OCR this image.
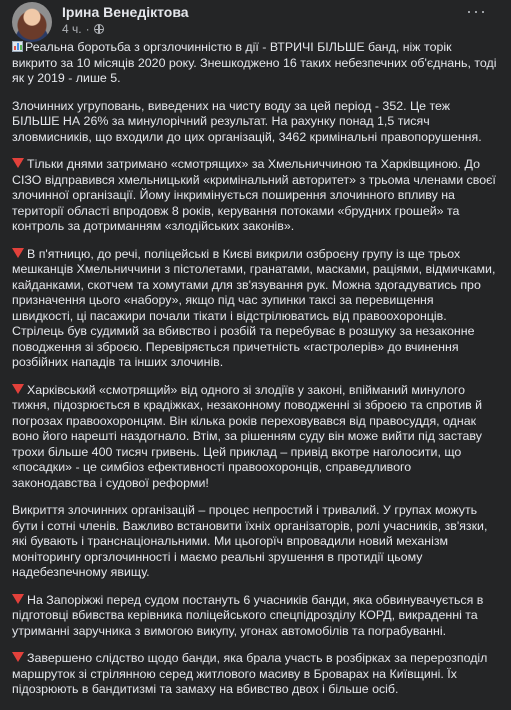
Ірина Венедіктова
4 ч. ·
···

Реальна боротьба з оргзлочинністю в дії - ВТРИЧІ БІЛЬШЕ банд, ніж торік викрито за 10 місяців 2020 року. Знешкоджено 16 таких небезпечних об'єднань, тоді як у 2019 - лише 5.

Злочинних угруповань, виведених на чисту воду за цей період - 352. Це теж БІЛЬШЕ НА 26% за минулорічний результат. На рахунку понад 1,5 тисяч зловмисників, що входили до цих організацій, 3462 кримінальні правопорушення.

Тільки днями затримано «смотрящих» за Хмельниччиною та Харківщиною. До СІЗО відправився хмельницький «кримінальний авторитет» з трьома членами своєї злочинної організації. Йому інкримінується поширення злочинного впливу на території області впродовж 8 років, керування потоками «брудних грошей» та контроль за дотриманням «злодійських законів».

В п'ятницю, до речі, поліцейські в Києві викрили озброєну групу із ще трьох мешканців Хмельниччини з пістолетами, гранатами, масками, раціями, відмичками, кайданками, скотчем та хомутами для зв'язування рук. Можна здогадуватись про призначення цього «набору», якщо під час зупинки таксі за перевищення швидкості, ці пасажири почали тікати і відстрілюватись від правоохоронців. Стрілець був судимий за вбивство і розбій та перебуває в розшуку за незаконне поводження зі зброєю. Перевіряється причетність «гастролерів» до вчинення розбійних нападів та інших злочинів.

Харківський «смотрящий» від одного зі злодіїв у законі, впійманий минулого тижня, підозрюється в крадіжках, незаконному поводженні зі зброєю та спротив й погрозах правоохоронцям. Він кілька років переховувався від правосуддя, однак воно його нарешті наздогнало. Втім, за рішенням суду він може вийти під заставу трохи більше 400 тисяч гривень. Цей приклад – привід вкотре наголосити, що «посадки» - це симбіоз ефективності правоохоронців, справедливого законодавства і судової реформи!

Викриття злочинних організацій – процес непростий і тривалий. У групах можуть бути і сотні членів. Важливо встановити їхніх організаторів, ролі учасників, зв'язки, які бувають і транснаціональними. Ми цьогорїч впровадили новий механізм моніторингу оргзлочинності і маємо реальні зрушення в протидії цьому надебезпечному явищу.

На Запоріжжі перед судом постануть 6 учасників банди, яка обвинувачується в підготовці вбивства керівника поліцейського спецпідрозділу КОРД, викраденні та утриманні заручника з вимогою викупу, угонах автомобілів та пограбуванні.

Завершено слідство щодо банди, яка брала участь в розбірках за перерозподіл маршруток зі стрілянною серед житлового масиву в Броварах на Київщині. Їх підозрюють в бандитизмі та замаху на вбивство двох і більше осіб.
